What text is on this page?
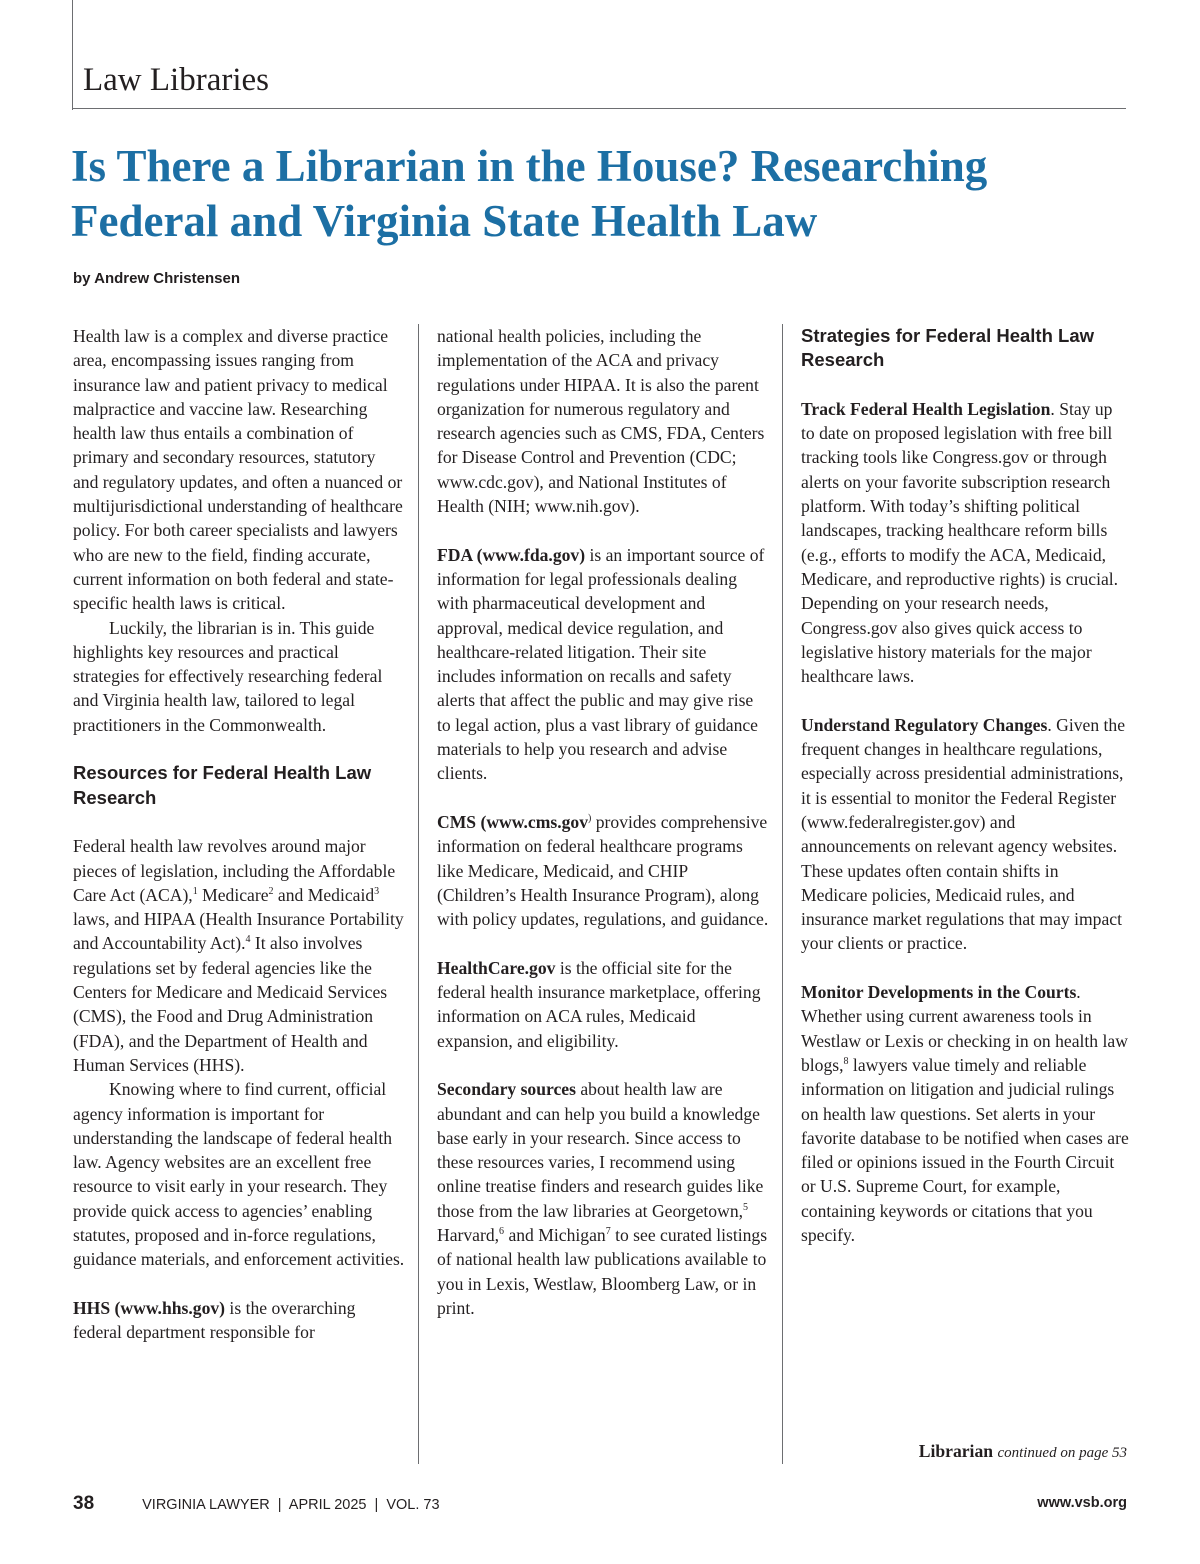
Law Libraries
Is There a Librarian in the House? Researching Federal and Virginia State Health Law

by Andrew Christensen

Health law is a complex and diverse practice area, encompassing issues ranging from insurance law and patient privacy to medical malpractice and vaccine law. Researching health law thus entails a combination of primary and secondary resources, statutory and regulatory updates, and often a nuanced or multijurisdictional understanding of healthcare policy. For both career specialists and lawyers who are new to the field, finding accurate, current information on both federal and state-specific health laws is critical.

Luckily, the librarian is in. This guide highlights key resources and practical strategies for effectively researching federal and Virginia health law, tailored to legal practitioners in the Commonwealth.

Resources for Federal Health Law Research

Federal health law revolves around major pieces of legislation, including the Affordable Care Act (ACA),$^1$ Medicare$^2$ and Medicaid$^3$ laws, and HIPAA (Health Insurance Portability and Accountability Act).$^4$ It also involves regulations set by federal agencies like the Centers for Medicare and Medicaid Services (CMS), the Food and Drug Administration (FDA), and the Department of Health and Human Services (HHS).

Knowing where to find current, official agency information is important for understanding the landscape of federal health law. Agency websites are an excellent free resource to visit early in your research. They provide quick access to agencies’ enabling statutes, proposed and in-force regulations, guidance materials, and enforcement activities.

HHS (www.hhs.gov) is the overarching federal department responsible for

national health policies, including the implementation of the ACA and privacy regulations under HIPAA. It is also the parent organization for numerous regulatory and research agencies such as CMS, FDA, Centers for Disease Control and Prevention (CDC; www.cdc.gov), and National Institutes of Health (NIH; www.nih.gov).

FDA (www.fda.gov) is an important source of information for legal professionals dealing with pharmaceutical development and approval, medical device regulation, and healthcare-related litigation. Their site includes information on recalls and safety alerts that affect the public and may give rise to legal action, plus a vast library of guidance materials to help you research and advise clients.

CMS (www.cms.gov) provides comprehensive information on federal healthcare programs like Medicare, Medicaid, and CHIP (Children’s Health Insurance Program), along with policy updates, regulations, and guidance.

HealthCare.gov is the official site for the federal health insurance marketplace, offering information on ACA rules, Medicaid expansion, and eligibility.

Secondary sources about health law are abundant and can help you build a knowledge base early in your research. Since access to these resources varies, I recommend using online treatise finders and research guides like those from the law libraries at Georgetown,$^5$ Harvard,$^6$ and Michigan$^7$ to see curated listings of national health law publications available to you in Lexis, Westlaw, Bloomberg Law, or in print.

Strategies for Federal Health Law Research

Track Federal Health Legislation. Stay up to date on proposed legislation with free bill tracking tools like Congress.gov or through alerts on your favorite subscription research platform. With today’s shifting political landscapes, tracking healthcare reform bills (e.g., efforts to modify the ACA, Medicaid, Medicare, and reproductive rights) is crucial. Depending on your research needs, Congress.gov also gives quick access to legislative history materials for the major healthcare laws.

Understand Regulatory Changes. Given the frequent changes in healthcare regulations, especially across presidential administrations, it is essential to monitor the Federal Register (www.federalregister.gov) and announcements on relevant agency websites. These updates often contain shifts in Medicare policies, Medicaid rules, and insurance market regulations that may impact your clients or practice.

Monitor Developments in the Courts. Whether using current awareness tools in Westlaw or Lexis or checking in on health law blogs,$^8$ lawyers value timely and reliable information on litigation and judicial rulings on health law questions. Set alerts in your favorite database to be notified when cases are filed or opinions issued in the Fourth Circuit or U.S. Supreme Court, for example, containing keywords or citations that you specify.

Librarian continued on page 53

38	VIRGINIA LAWYER  |  APRIL 2025  |  VOL. 73	www.vsb.org
